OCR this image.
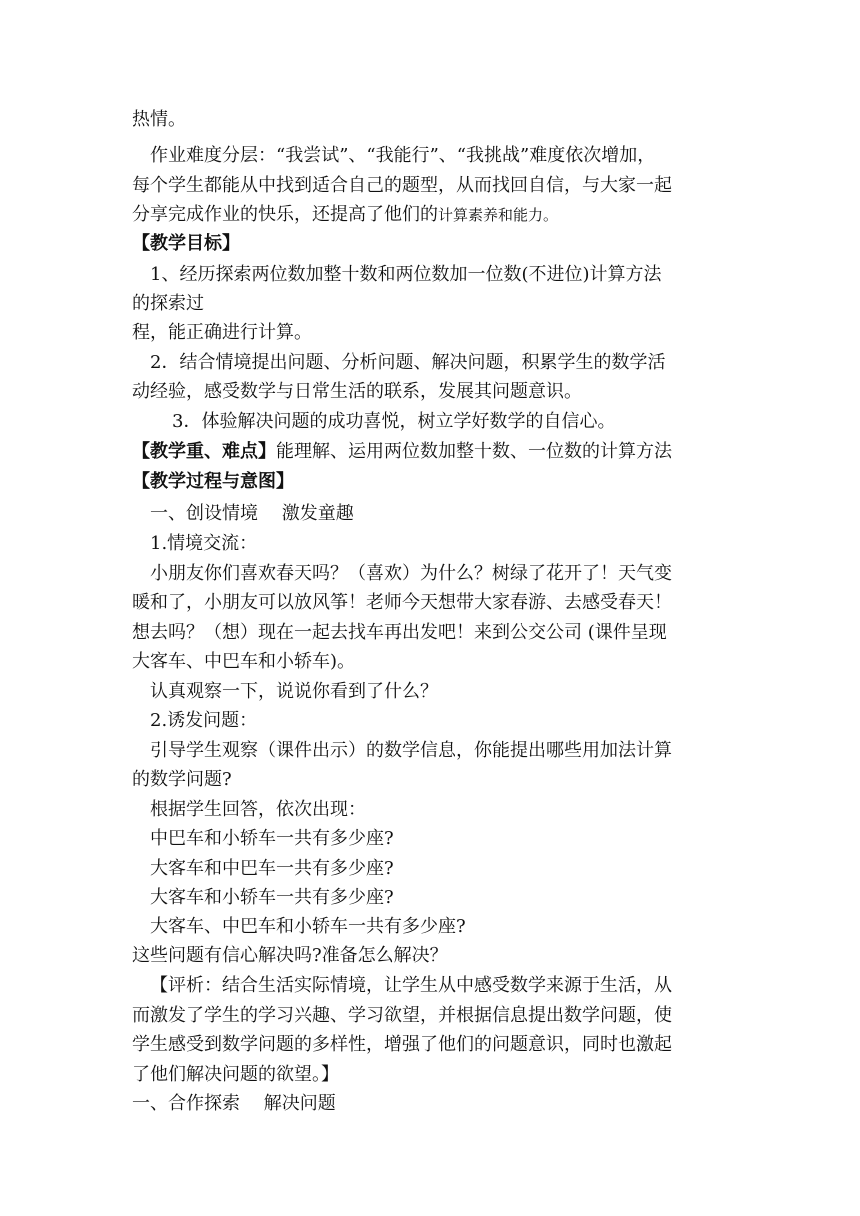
热情。
作业难度分层：“我尝试”、“我能行”、“我挑战”难度依次增加，
每个学生都能从中找到适合自己的题型，从而找回自信，与大家一起
分享完成作业的快乐，还提高了他们的计算素养和能力。
【教学目标】
1、经历探索两位数加整十数和两位数加一位数(不进位)计算方法
的探索过
程，能正确进行计算。
2．结合情境提出问题、分析问题、解决问题，积累学生的数学活
动经验，感受数学与日常生活的联系，发展其问题意识。
3．体验解决问题的成功喜悦，树立学好数学的自信心。
【教学重、难点】能理解、运用两位数加整十数、一位数的计算方法
【教学过程与意图】
一、创设情境　 激发童趣
1.情境交流：
小朋友你们喜欢春天吗？（喜欢）为什么？树绿了花开了！天气变
暖和了，小朋友可以放风筝！老师今天想带大家春游、去感受春天！
想去吗？（想）现在一起去找车再出发吧！来到公交公司 (课件呈现
大客车、中巴车和小轿车)。
认真观察一下，说说你看到了什么？
2.诱发问题：
引导学生观察（课件出示）的数学信息，你能提出哪些用加法计算
的数学问题?
根据学生回答，依次出现：
中巴车和小轿车一共有多少座?
大客车和中巴车一共有多少座?
大客车和小轿车一共有多少座?
大客车、中巴车和小轿车一共有多少座?
这些问题有信心解决吗?准备怎么解决？
【评析：结合生活实际情境，让学生从中感受数学来源于生活，从
而激发了学生的学习兴趣、学习欲望，并根据信息提出数学问题，使
学生感受到数学问题的多样性，增强了他们的问题意识，同时也激起
了他们解决问题的欲望。】
一、合作探索　 解决问题
